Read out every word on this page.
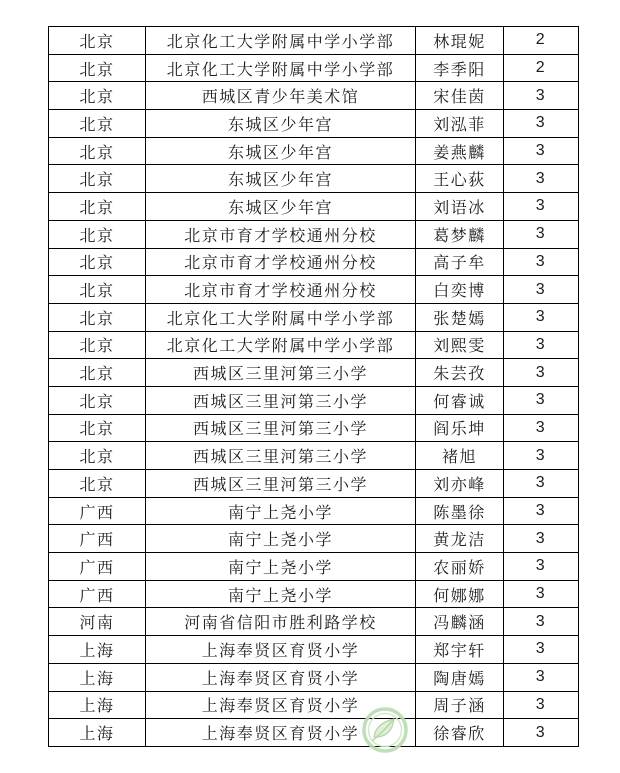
北京	北京化工大学附属中学小学部	林琨妮	2
北京	北京化工大学附属中学小学部	李季阳	2
北京	西城区青少年美术馆	宋佳茵	3
北京	东城区少年宫	刘泓菲	3
北京	东城区少年宫	姜燕麟	3
北京	东城区少年宫	王心荻	3
北京	东城区少年宫	刘语冰	3
北京	北京市育才学校通州分校	葛梦麟	3
北京	北京市育才学校通州分校	高子牟	3
北京	北京市育才学校通州分校	白奕博	3
北京	北京化工大学附属中学小学部	张楚嫣	3
北京	北京化工大学附属中学小学部	刘熙雯	3
北京	西城区三里河第三小学	朱芸孜	3
北京	西城区三里河第三小学	何睿诚	3
北京	西城区三里河第三小学	阎乐坤	3
北京	西城区三里河第三小学	褚旭	3
北京	西城区三里河第三小学	刘亦峰	3
广西	南宁上尧小学	陈墨徐	3
广西	南宁上尧小学	黄龙洁	3
广西	南宁上尧小学	农丽娇	3
广西	南宁上尧小学	何娜娜	3
河南	河南省信阳市胜利路学校	冯麟涵	3
上海	上海奉贤区育贤小学	郑宇轩	3
上海	上海奉贤区育贤小学	陶唐嫣	3
上海	上海奉贤区育贤小学	周子涵	3
上海	上海奉贤区育贤小学	徐睿欣	3
